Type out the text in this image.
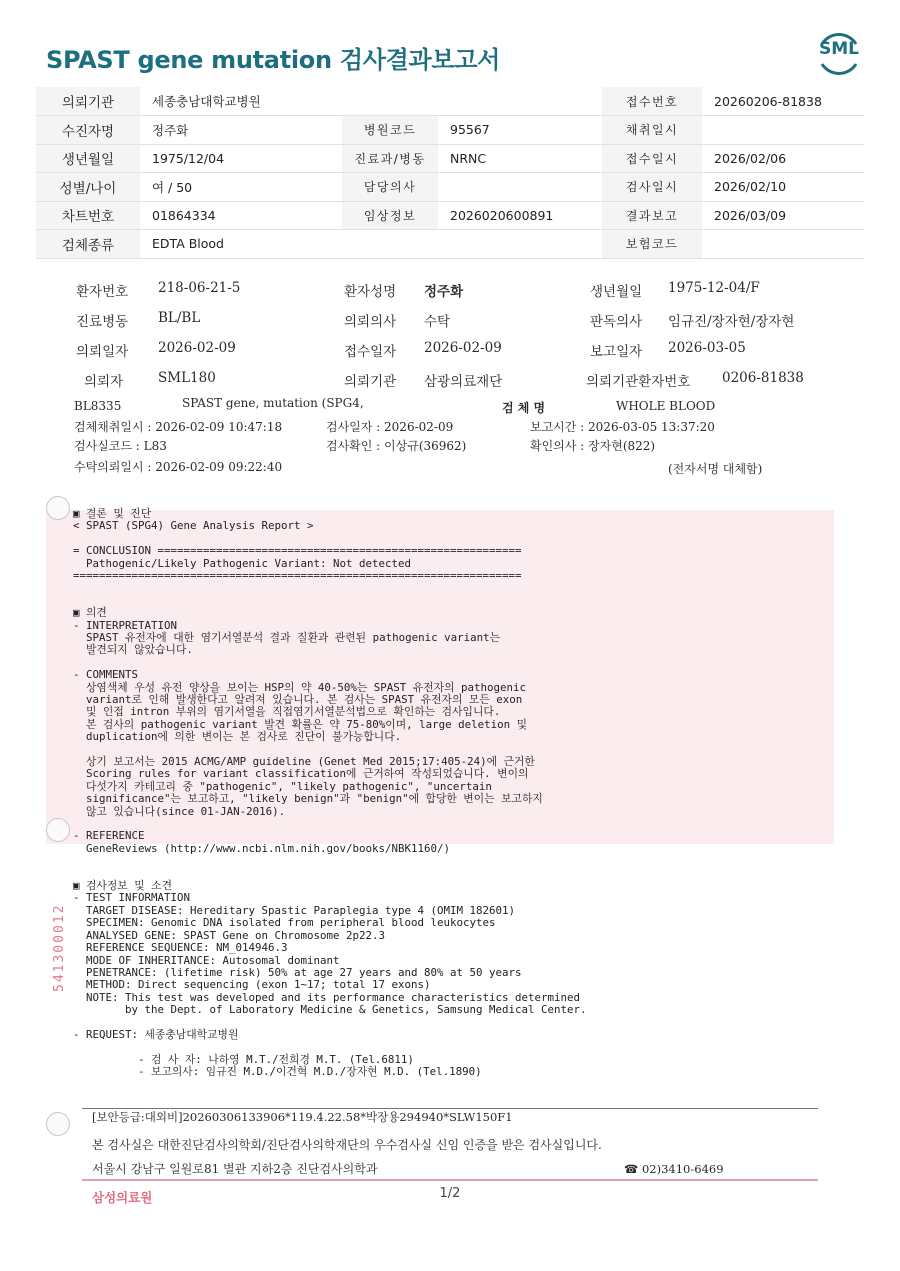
SPAST gene mutation 검사결과보고서	SML
의뢰기관	세종충남대학교병원			접수번호	20260206-81838
수진자명	정주화	병원코드	95567	채취일시	
생년월일	1975/12/04	진료과/병동	NRNC	접수일시	2026/02/06
성별/나이	여 / 50	담당의사		검사일시	2026/02/10
차트번호	01864334	임상정보	2026020600891	결과보고	2026/03/09
검체종류	EDTA Blood			보험코드	
환자번호 218-06-21-5	환자성명 정주화	생년월일 1975-12-04/F
진료병동 BL/BL	의뢰의사 수탁	판독의사 임규진/장자현/장자현
의뢰일자 2026-02-09	접수일자 2026-02-09	보고일자 2026-03-05
의뢰자	SML180	의뢰기관 삼광의료재단	의뢰기관환자번호 0206-81838
BL8335	SPAST gene, mutation (SPG4,	검 체 명	WHOLE BLOOD
검체채취일시 : 2026-02-09 10:47:18	검사일자 : 2026-02-09	보고시간 : 2026-03-05 13:37:20
검사실코드 : L83	검사확인 : 이상규(36962)	확인의사 : 장자현(822)
수탁의뢰일시 : 2026-02-09 09:22:40	(전자서명 대체함)
▣ 결론 및 진단
< SPAST (SPG4) Gene Analysis Report >
= CONCLUSION ========================================================
Pathogenic/Likely Pathogenic Variant: Not detected
=====================================================================
▣ 의견
- INTERPRETATION
SPAST 유전자에 대한 염기서열분석 결과 질환과 관련된 pathogenic variant는
발견되지 않았습니다.
- COMMENTS
상염색체 우성 유전 양상을 보이는 HSP의 약 40-50%는 SPAST 유전자의 pathogenic
variant로 인해 발생한다고 알려져 있습니다. 본 검사는 SPAST 유전자의 모든 exon
및 인접 intron 부위의 염기서열을 직접염기서열분석법으로 확인하는 검사입니다.
본 검사의 pathogenic variant 발견 확률은 약 75-80%이며, large deletion 및
duplication에 의한 변이는 본 검사로 진단이 불가능합니다.
상기 보고서는 2015 ACMG/AMP guideline (Genet Med 2015;17:405-24)에 근거한
Scoring rules for variant classification에 근거하여 작성되었습니다. 변이의
다섯가지 카테고리 중 "pathogenic", "likely pathogenic", "uncertain
significance"는 보고하고, "likely benign"과 "benign"에 합당한 변이는 보고하지
않고 있습니다(since 01-JAN-2016).
- REFERENCE
GeneReviews (http://www.ncbi.nlm.nih.gov/books/NBK1160/)
▣ 검사정보 및 소견
- TEST INFORMATION
TARGET DISEASE: Hereditary Spastic Paraplegia type 4 (OMIM 182601)
SPECIMEN: Genomic DNA isolated from peripheral blood leukocytes
ANALYSED GENE: SPAST Gene on Chromosome 2p22.3
REFERENCE SEQUENCE: NM_014946.3
MODE OF INHERITANCE: Autosomal dominant
PENETRANCE: (lifetime risk) 50% at age 27 years and 80% at 50 years
METHOD: Direct sequencing (exon 1~17; total 17 exons)
NOTE: This test was developed and its performance characteristics determined
by the Dept. of Laboratory Medicine & Genetics, Samsung Medical Center.
- REQUEST: 세종충남대학교병원
- 검 사 자: 나하영 M.T./전희경 M.T. (Tel.6811)
- 보고의사: 임규진 M.D./이건혁 M.D./장자현 M.D. (Tel.1890)
541300012
[보안등급:대외비]20260306133906*119.4.22.58*박장용294940*SLW150F1
본 검사실은 대한진단검사의학회/진단검사의학재단의 우수검사실 신임 인증을 받은 검사실입니다.
서울시 강남구 일원로81 별관 지하2층 진단검사의학과	☎ 02)3410-6469
삼성의료원	1/2
